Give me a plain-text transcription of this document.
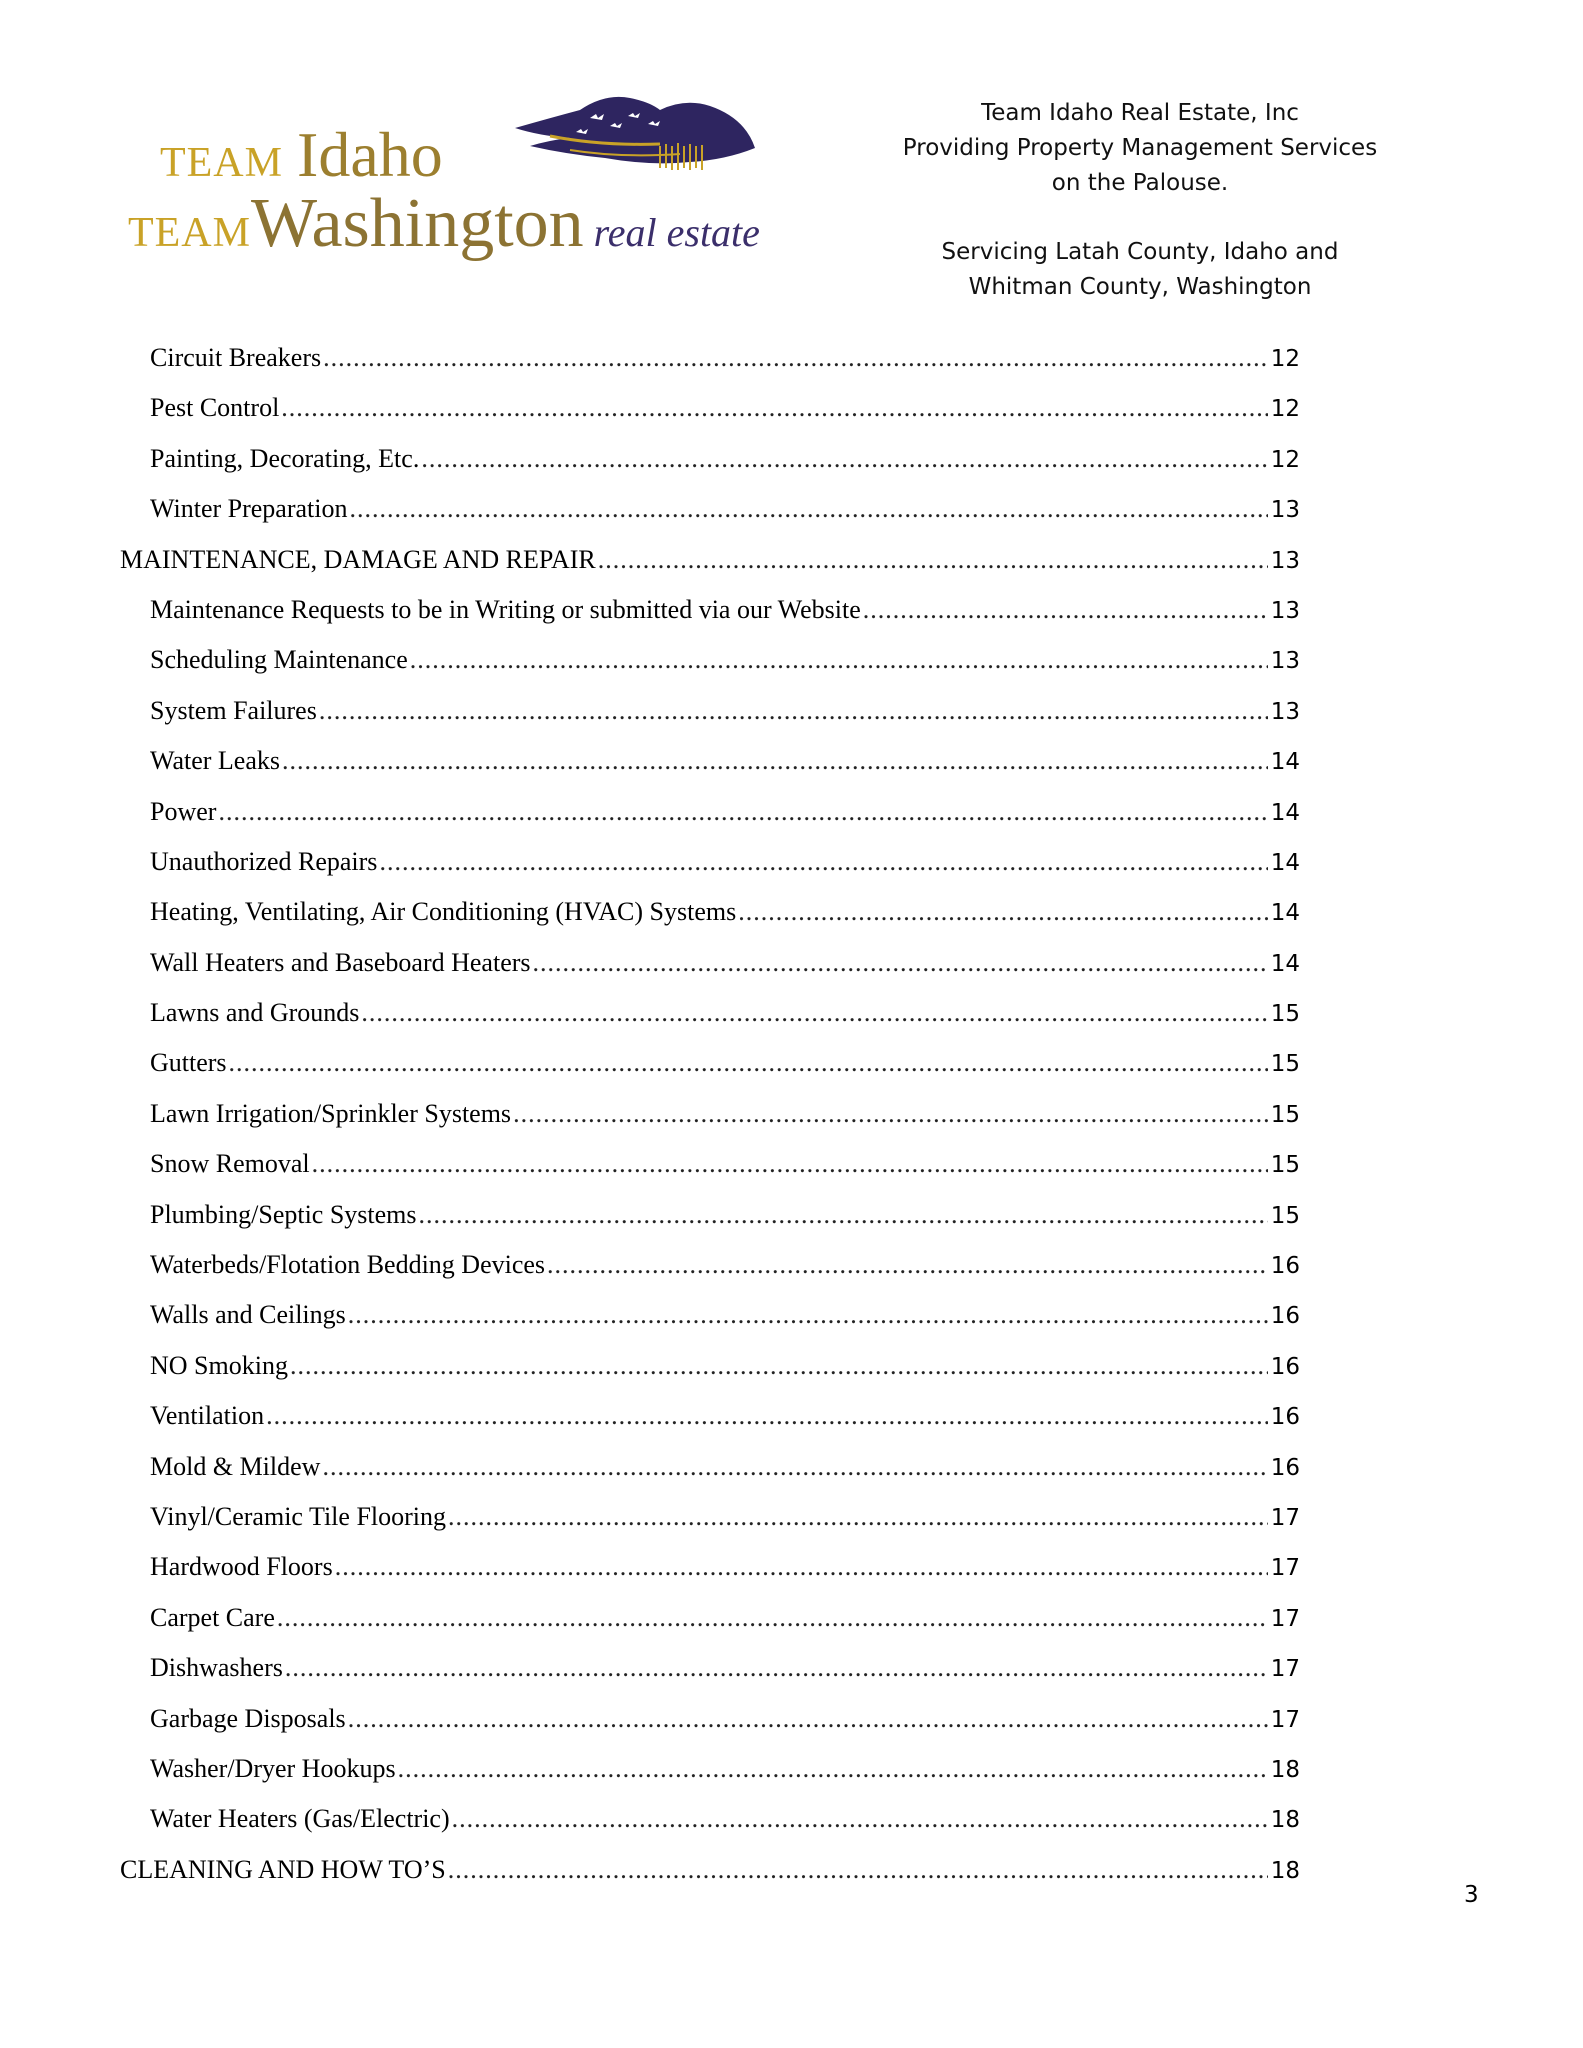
TEAM Idaho
TEAMWashington real estate
Team Idaho Real Estate, Inc
Providing Property Management Services
on the Palouse.
Servicing Latah County, Idaho and
Whitman County, Washington
Circuit Breakers .....	12
Pest Control .....	12
Painting, Decorating, Etc. .....	12
Winter Preparation .....	13
MAINTENANCE, DAMAGE AND REPAIR .....	13
Maintenance Requests to be in Writing or submitted via our Website .....	13
Scheduling Maintenance .....	13
System Failures .....	13
Water Leaks .....	14
Power .....	14
Unauthorized Repairs .....	14
Heating, Ventilating, Air Conditioning (HVAC) Systems .....	14
Wall Heaters and Baseboard Heaters .....	14
Lawns and Grounds .....	15
Gutters .....	15
Lawn Irrigation/Sprinkler Systems .....	15
Snow Removal .....	15
Plumbing/Septic Systems .....	15
Waterbeds/Flotation Bedding Devices .....	16
Walls and Ceilings .....	16
NO Smoking .....	16
Ventilation .....	16
Mold & Mildew .....	16
Vinyl/Ceramic Tile Flooring .....	17
Hardwood Floors .....	17
Carpet Care .....	17
Dishwashers .....	17
Garbage Disposals .....	17
Washer/Dryer Hookups .....	18
Water Heaters (Gas/Electric) .....	18
CLEANING AND HOW TO’S .....	18
3
